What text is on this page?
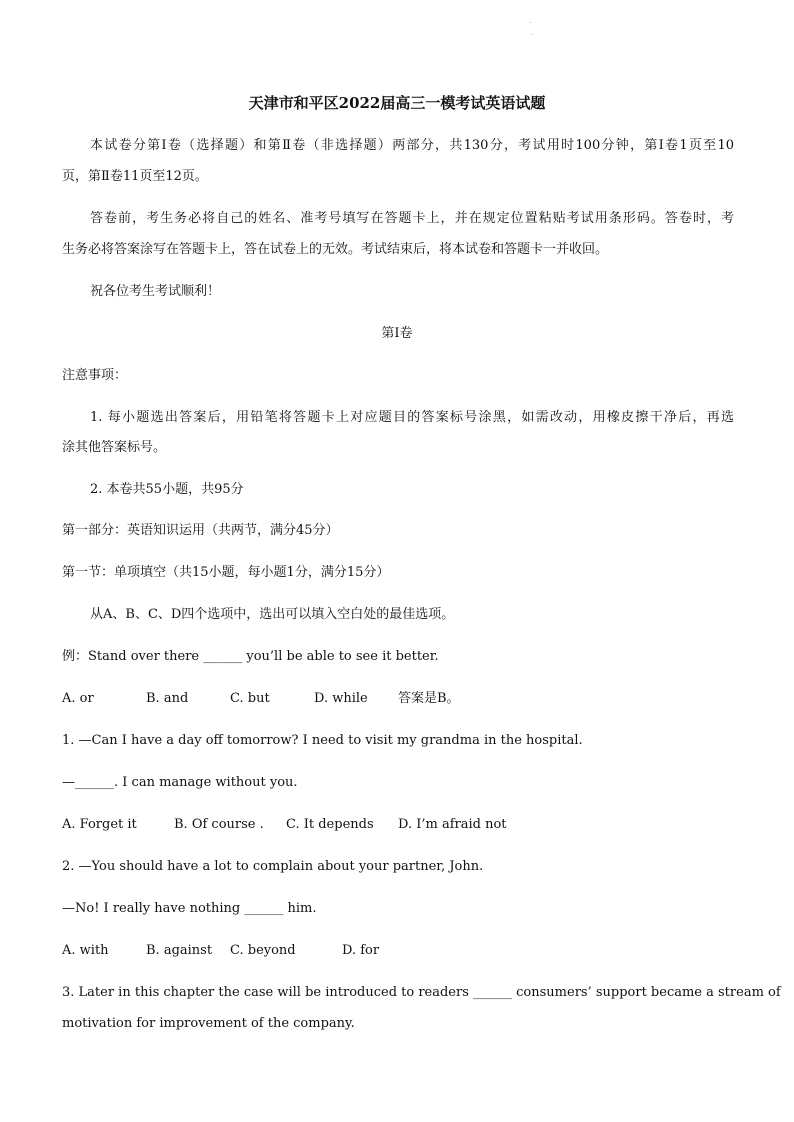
天津市和平区2022届高三一模考试英语试题
本试卷分第Ⅰ卷（选择题）和第Ⅱ卷（非选择题）两部分，共130分，考试用时100分钟，第Ⅰ卷1页至10
页，第Ⅱ卷11页至12页。
答卷前，考生务必将自己的姓名、准考号填写在答题卡上，并在规定位置粘贴考试用条形码。答卷时，考
生务必将答案涂写在答题卡上，答在试卷上的无效。考试结束后，将本试卷和答题卡一并收回。
祝各位考生考试顺利！
第Ⅰ卷
注意事项：
1. 每小题选出答案后，用铅笔将答题卡上对应题目的答案标号涂黑，如需改动，用橡皮擦干净后，再选
涂其他答案标号。
2. 本卷共55小题，共95分
第一部分：英语知识运用（共两节，满分45分）
第一节：单项填空（共15小题，每小题1分，满分15分）
从A、B、C、D四个选项中，选出可以填入空白处的最佳选项。
例：Stand over there ______ you’ll be able to see it better.
A. or	B. and	C. but	D. while 答案是B。
1. —Can I have a day off tomorrow? I need to visit my grandma in the hospital.
—______. I can manage without you.
A. Forget it	B. Of course . C. It depends D. I’m afraid not
2. —You should have a lot to complain about your partner, John.
—No! I really have nothing ______ him.
A. with	B. against C. beyond	D. for
3. Later in this chapter the case will be introduced to readers ______ consumers’ support became a stream of
motivation for improvement of the company.
